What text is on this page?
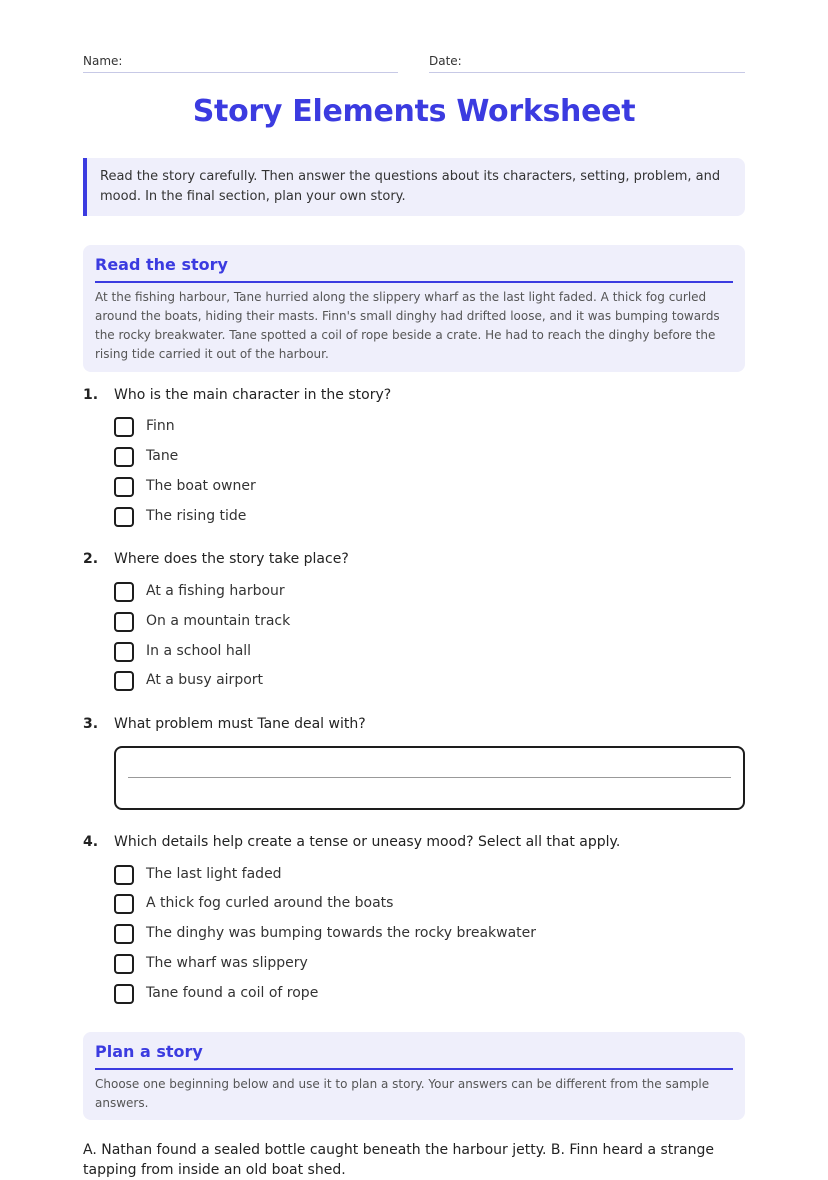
Name:	Date:
Story Elements Worksheet
Read the story carefully. Then answer the questions about its characters, setting, problem, and mood. In the final section, plan your own story.
Read the story

At the fishing harbour, Tane hurried along the slippery wharf as the last light faded. A thick fog curled around the boats, hiding their masts. Finn's small dinghy had drifted loose, and it was bumping towards the rocky breakwater. Tane spotted a coil of rope beside a crate. He had to reach the dinghy before the rising tide carried it out of the harbour.

1. Who is the main character in the story?
Finn
Tane
The boat owner
The rising tide
2. Where does the story take place?
At a fishing harbour
On a mountain track
In a school hall
At a busy airport
3. What problem must Tane deal with?
4. Which details help create a tense or uneasy mood? Select all that apply.
The last light faded
A thick fog curled around the boats
The dinghy was bumping towards the rocky breakwater
The wharf was slippery
Tane found a coil of rope
Plan a story

Choose one beginning below and use it to plan a story. Your answers can be different from the sample answers.

A. Nathan found a sealed bottle caught beneath the harbour jetty. B. Finn heard a strange tapping from inside an old boat shed.
